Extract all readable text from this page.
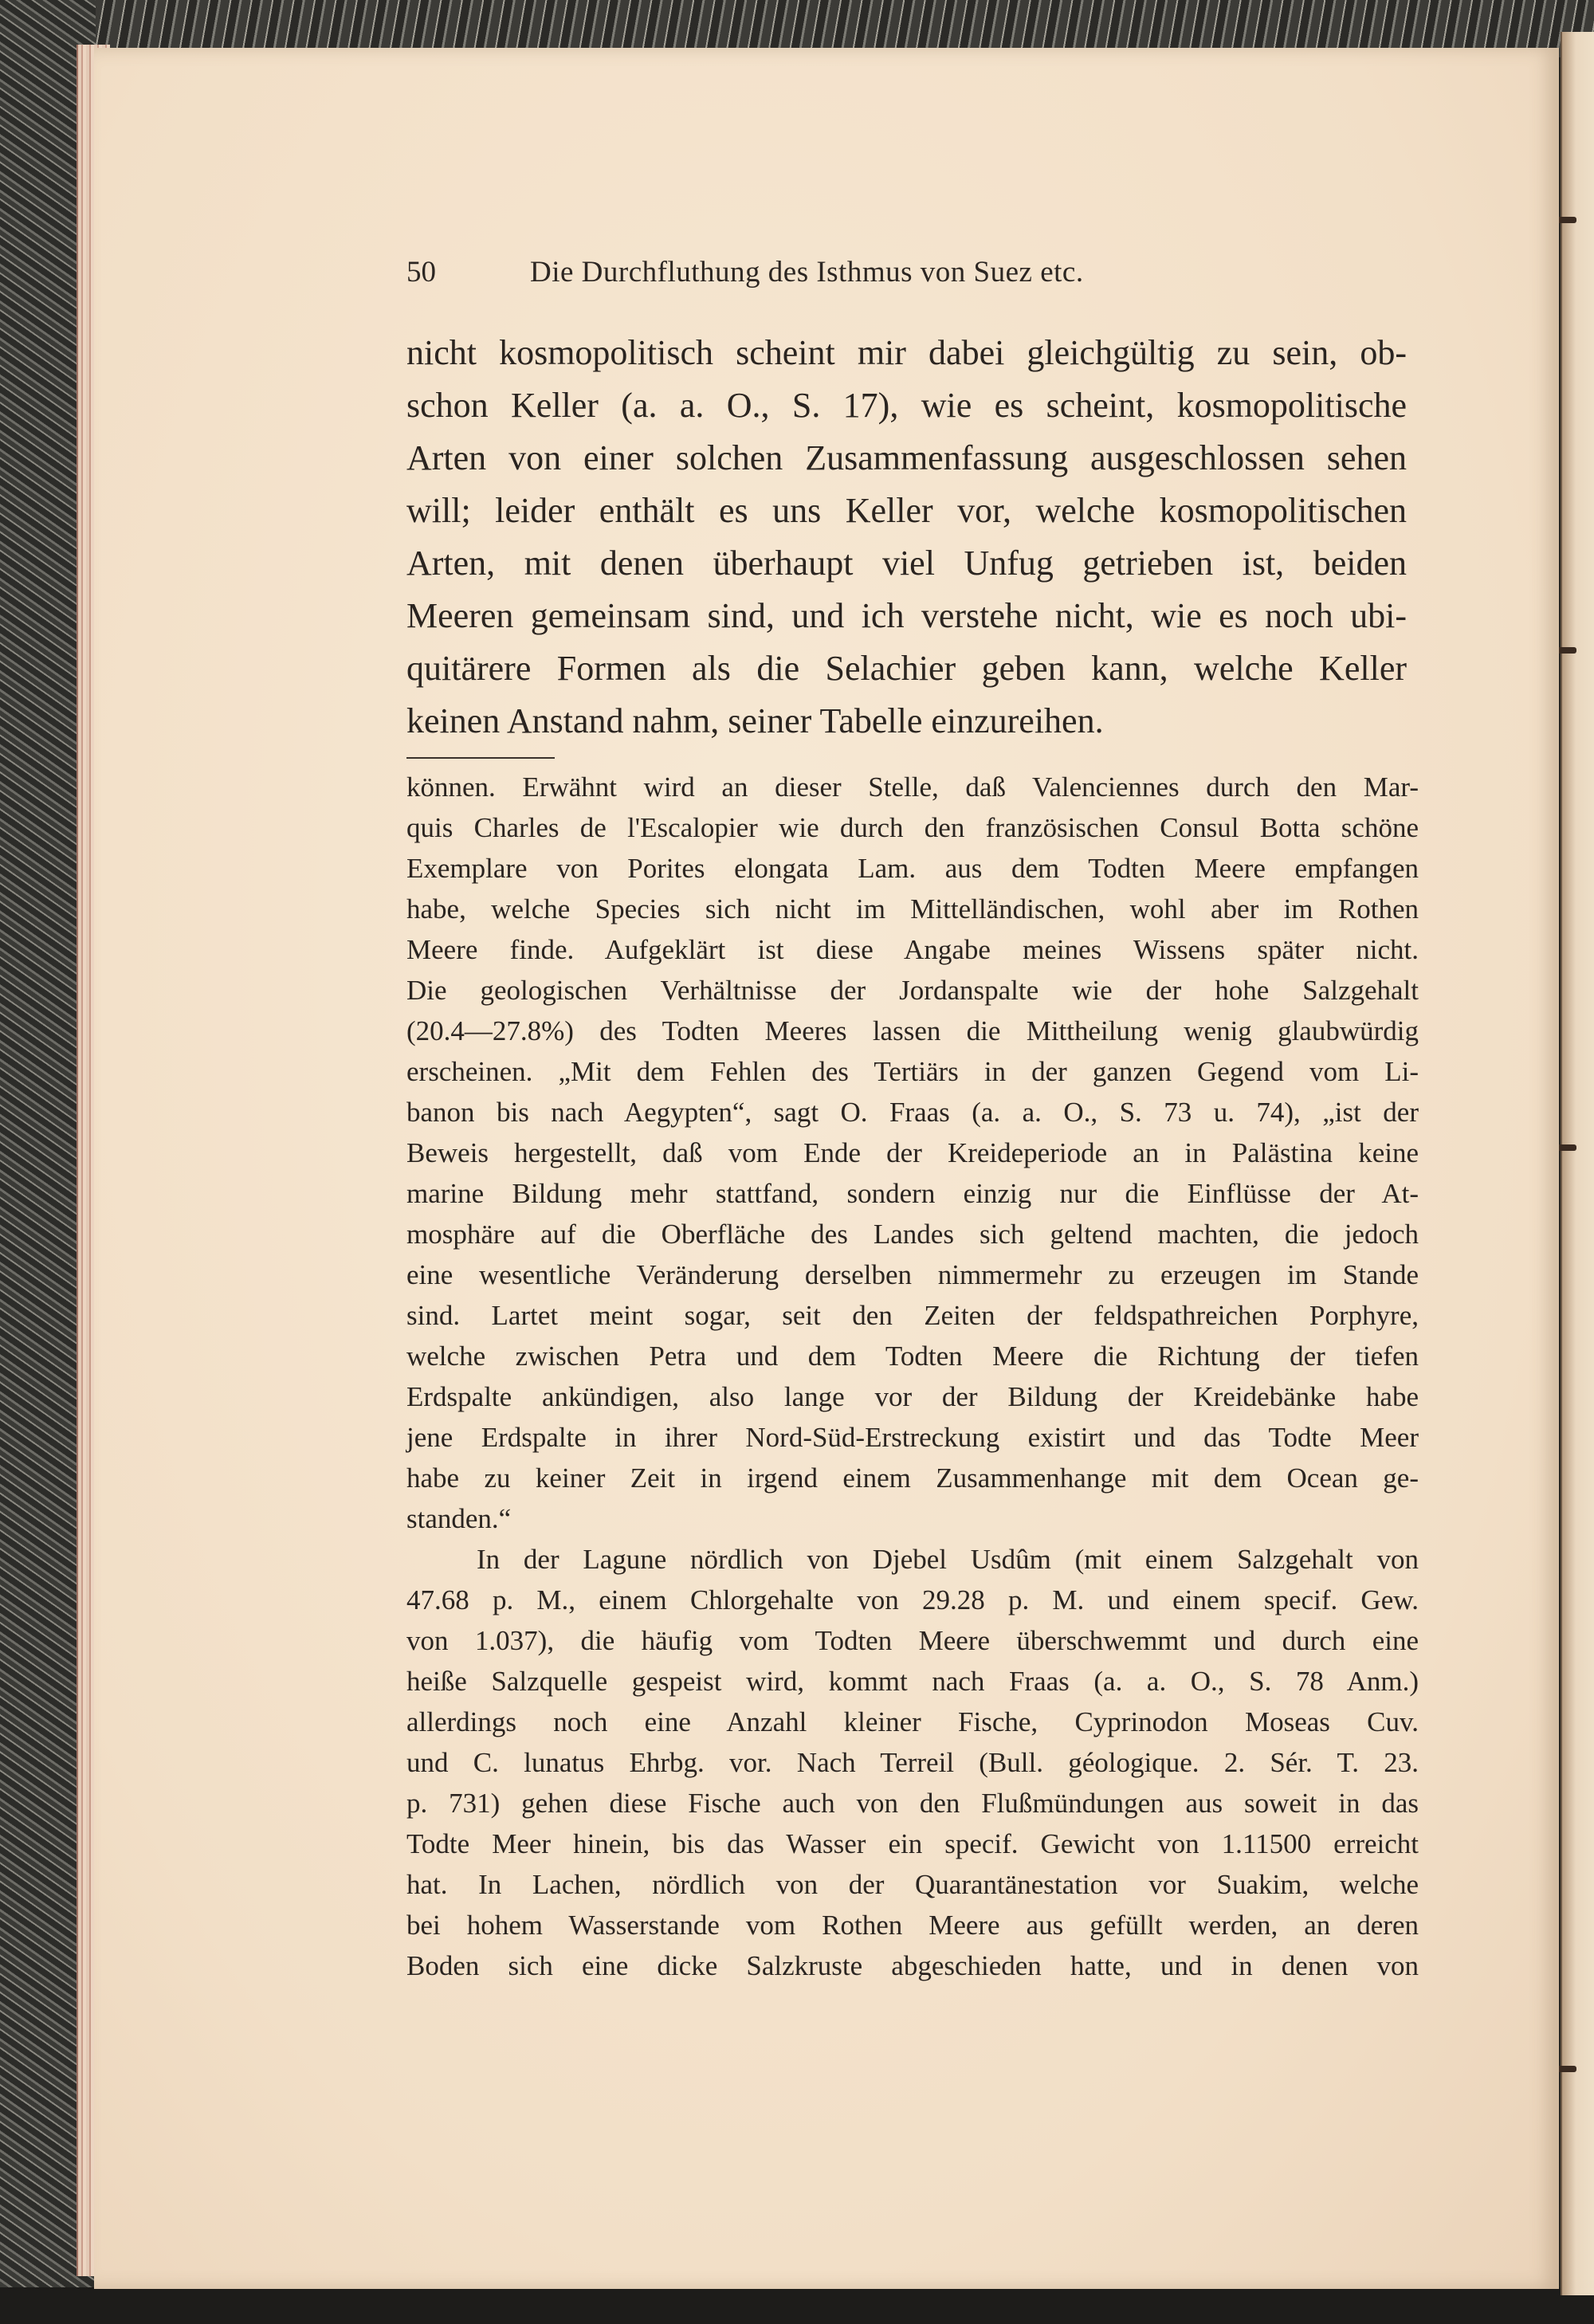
50	Die Durchfluthung des Isthmus von Suez etc.
nicht kosmopolitisch scheint mir dabei gleichgültig zu sein, ob-
schon Keller (a. a. O., S. 17), wie es scheint, kosmopolitische
Arten von einer solchen Zusammenfassung ausgeschlossen sehen
will; leider enthält es uns Keller vor, welche kosmopolitischen
Arten, mit denen überhaupt viel Unfug getrieben ist, beiden
Meeren gemeinsam sind, und ich verstehe nicht, wie es noch ubi-
quitärere Formen als die Selachier geben kann, welche Keller
keinen Anstand nahm, seiner Tabelle einzureihen.
können. Erwähnt wird an dieser Stelle, daß Valenciennes durch den Mar-
quis Charles de l'Escalopier wie durch den französischen Consul Botta schöne
Exemplare von Porites elongata Lam. aus dem Todten Meere empfangen
habe, welche Species sich nicht im Mittelländischen, wohl aber im Rothen
Meere finde. Aufgeklärt ist diese Angabe meines Wissens später nicht.
Die geologischen Verhältnisse der Jordanspalte wie der hohe Salzgehalt
(20.4—27.8%) des Todten Meeres lassen die Mittheilung wenig glaubwürdig
erscheinen. „Mit dem Fehlen des Tertiärs in der ganzen Gegend vom Li-
banon bis nach Aegypten“, sagt O. Fraas (a. a. O., S. 73 u. 74), „ist der
Beweis hergestellt, daß vom Ende der Kreideperiode an in Palästina keine
marine Bildung mehr stattfand, sondern einzig nur die Einflüsse der At-
mosphäre auf die Oberfläche des Landes sich geltend machten, die jedoch
eine wesentliche Veränderung derselben nimmermehr zu erzeugen im Stande
sind. Lartet meint sogar, seit den Zeiten der feldspathreichen Porphyre,
welche zwischen Petra und dem Todten Meere die Richtung der tiefen
Erdspalte ankündigen, also lange vor der Bildung der Kreidebänke habe
jene Erdspalte in ihrer Nord-Süd-Erstreckung existirt und das Todte Meer
habe zu keiner Zeit in irgend einem Zusammenhange mit dem Ocean ge-
standen.“
In der Lagune nördlich von Djebel Usdûm (mit einem Salzgehalt von
47.68 p. M., einem Chlorgehalte von 29.28 p. M. und einem specif. Gew.
von 1.037), die häufig vom Todten Meere überschwemmt und durch eine
heiße Salzquelle gespeist wird, kommt nach Fraas (a. a. O., S. 78 Anm.)
allerdings noch eine Anzahl kleiner Fische, Cyprinodon Moseas Cuv.
und C. lunatus Ehrbg. vor. Nach Terreil (Bull. géologique. 2. Sér. T. 23.
p. 731) gehen diese Fische auch von den Flußmündungen aus soweit in das
Todte Meer hinein, bis das Wasser ein specif. Gewicht von 1.11500 erreicht
hat. In Lachen, nördlich von der Quarantänestation vor Suakim, welche
bei hohem Wasserstande vom Rothen Meere aus gefüllt werden, an deren
Boden sich eine dicke Salzkruste abgeschieden hatte, und in denen von
